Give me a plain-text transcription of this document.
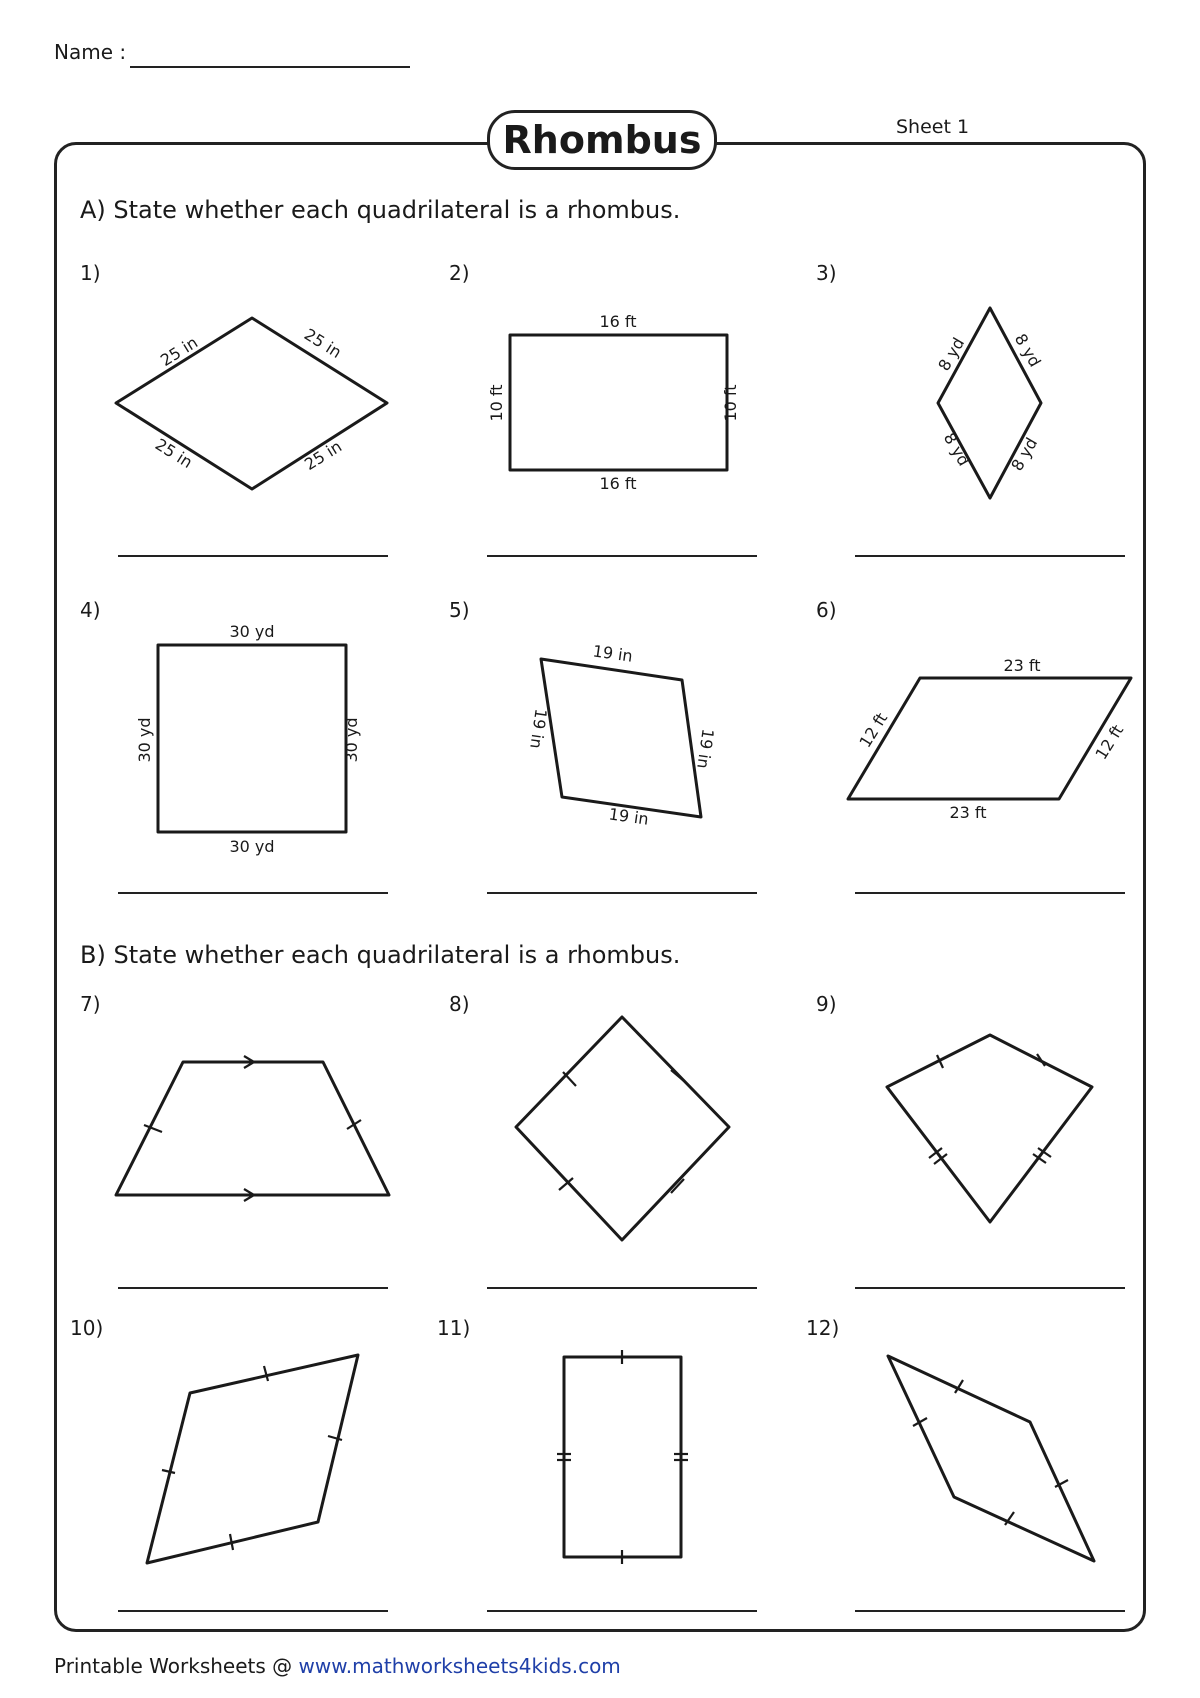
Name :
Rhombus	Sheet 1
A) State whether each quadrilateral is a rhombus.
B) State whether each quadrilateral is a rhombus.
1)	2)	3)
4)	5)	6)
7)	8)	9)
10)	11)	12)
25 in	25 in
25 in	25 in
16 ft
16 ft
10 ft	10 ft
8 yd	8 yd
8 yd 8 yd
30 yd
30 yd
30 yd	30 yd
19 in
19 in
19 in	19 in
23 ft
23 ft
12 ft	12 ft
Printable Worksheets @ www.mathworksheets4kids.com
